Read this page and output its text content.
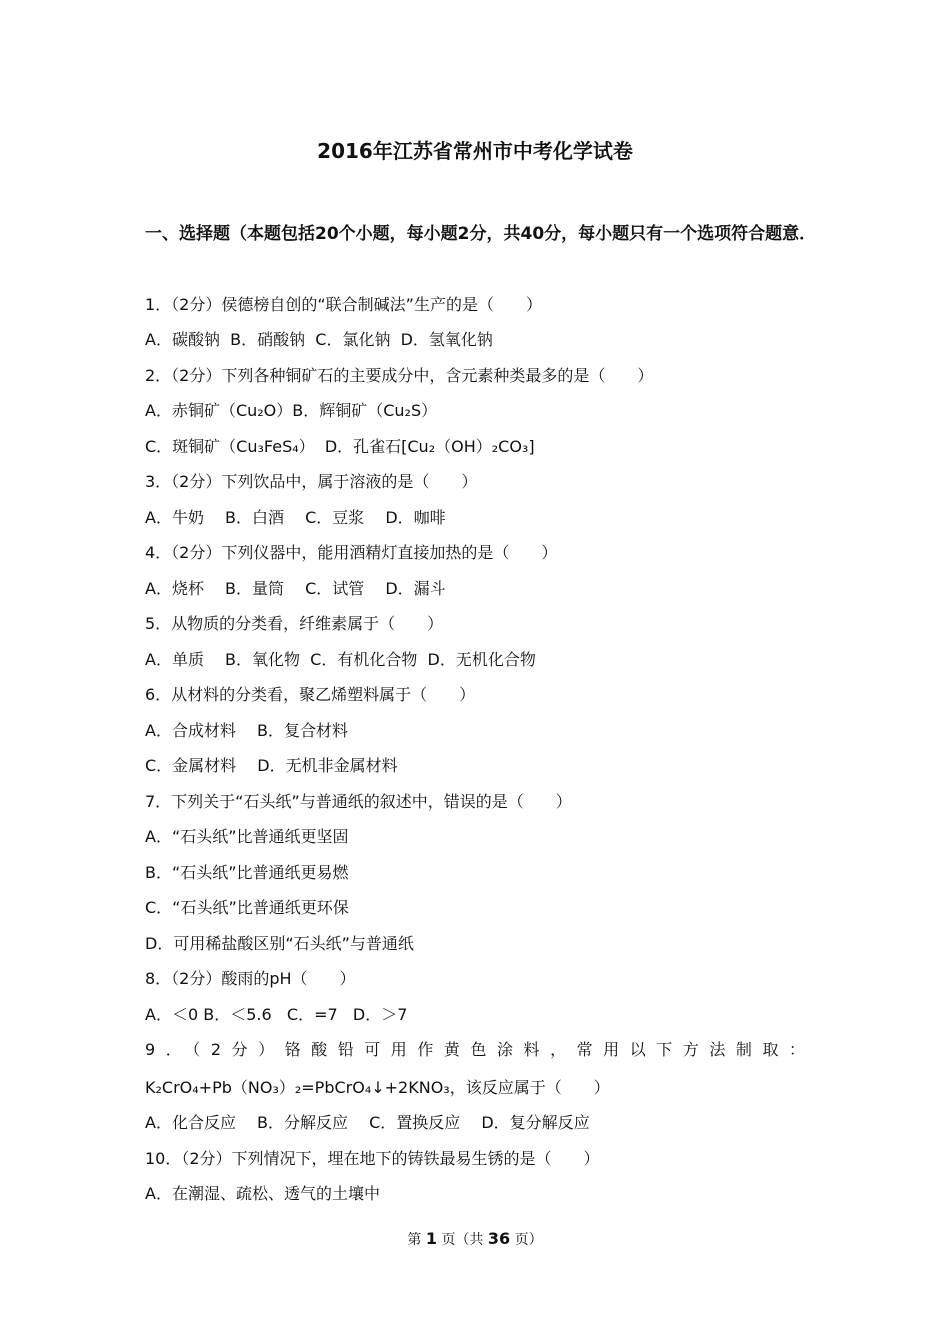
2016年江苏省常州市中考化学试卷
一、选择题（本题包括20个小题，每小题2分，共40分，每小题只有一个选项符合题意．
1．（2分）侯德榜自创的“联合制碱法”生产的是（　　）
A．碳酸钠  B．硝酸钠  C．氯化钠  D．氢氧化钠
2．（2分）下列各种铜矿石的主要成分中，含元素种类最多的是（　　）
A．赤铜矿（Cu₂O）B．辉铜矿（Cu₂S）
C．斑铜矿（Cu₃FeS₄）  D．孔雀石[Cu₂（OH）₂CO₃]
3．（2分）下列饮品中，属于溶液的是（　　）
A．牛奶　 B．白酒　 C．豆浆　 D．咖啡
4．（2分）下列仪器中，能用酒精灯直接加热的是（　　）
A．烧杯　 B．量筒　 C．试管　 D．漏斗
5．从物质的分类看，纤维素属于（　　）
A．单质　 B．氧化物  C．有机化合物  D．无机化合物
6．从材料的分类看，聚乙烯塑料属于（　　）
A．合成材料　 B．复合材料
C．金属材料　 D．无机非金属材料
7．下列关于“石头纸”与普通纸的叙述中，错误的是（　　）
A．“石头纸”比普通纸更坚固
B．“石头纸”比普通纸更易燃
C．“石头纸”比普通纸更环保
D．可用稀盐酸区别“石头纸”与普通纸
8．（2分）酸雨的pH（　　）
A．＜0 B．＜5.6   C．=7   D．＞7
9．（2分）铬酸铅可用作黄色涂料，常用以下方法制取：
K₂CrO₄+Pb（NO₃）₂=PbCrO₄↓+2KNO₃，该反应属于（　　）
A．化合反应　 B．分解反应　 C．置换反应　 D．复分解反应
10．（2分）下列情况下，埋在地下的铸铁最易生锈的是（　　）
A．在潮湿、疏松、透气的土壤中
第 1 页（共 36 页）
